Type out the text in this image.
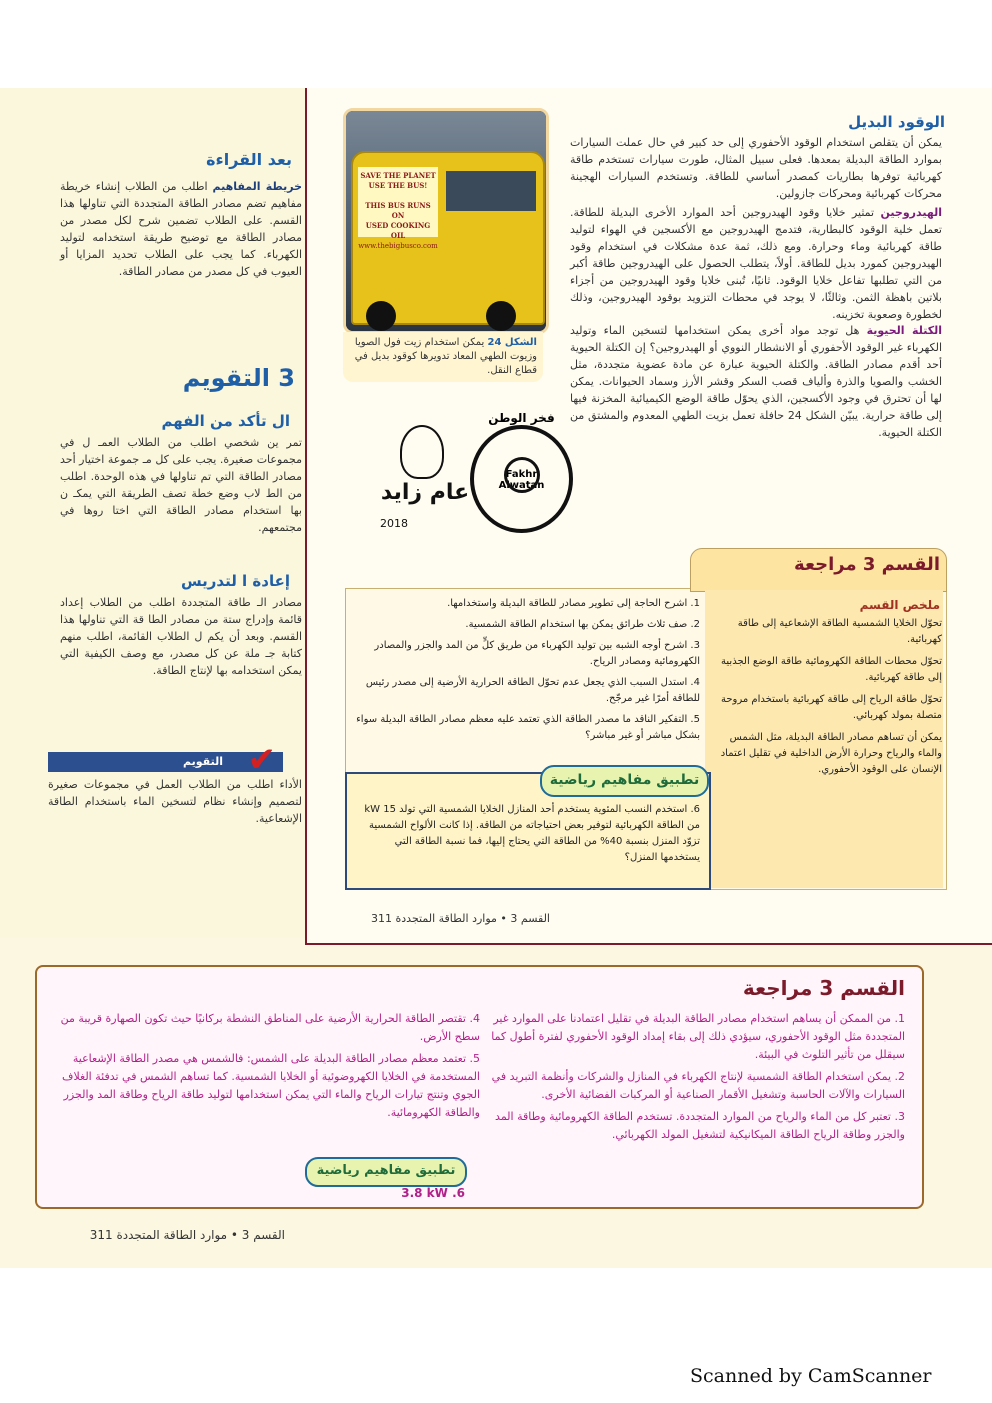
بعد القراءة
خريطة المفاهيم اطلب من الطلاب إنشاء خريطة مفاهيم تضم مصادر الطاقة المتجددة التي تناولها هذا القسم. على الطلاب تضمين شرح لكل مصدر من مصادر الطاقة مع توضيح طريقة استخدامه لتوليد الكهرباء. كما يجب على الطلاب تحديد المزايا أو العيوب في كل مصدر من مصادر الطاقة.
3 التقويم
ال تأكد من الفهم
تمر ين شخصي اطلب من الطلاب العمـ ل في مجموعات صغيرة. يجب على كل مـ جموعة اختيار أحد مصادر الطاقة التي تم تناولها في هذه الوحدة. اطلب من الط لاب وضع خطة تصف الطريقة التي يمكـ ن بها استخدام مصادر الطاقة التي اختا روها في مجتمعهم.
إعادة ا لتدريس
مصادر الـ طاقة المتجددة اطلب من الطلاب إعداد قائمة وإدراج ستة من مصادر الطا قة التي تناولها هذا القسم. وبعد أن يكم ل الطلاب القائمة، اطلب منهم كتابة جـ ملة عن كل مصدر، مع وصف الكيفية التي يمكن استخدامه بها لإنتاج الطاقة.
التقويم ✔
الأداء اطلب من الطلاب العمل في مجموعات صغيرة لتصميم وإنشاء نظام لتسخين الماء باستخدام الطاقة الإشعاعية.
الوقود البديل
يمكن أن يتقلص استخدام الوقود الأحفوري إلى حد كبير في حال عملت السيارات بموارد الطاقة البديلة بمعدها. فعلى سبيل المثال، طورت سيارات تستخدم طاقة كهربائية توفرها بطاريات كمصدر أساسي للطاقة. وتستخدم السيارات الهجينة محركات كهربائية ومحركات جازولين.
الهيدروجين تمثير خلايا وقود الهيدروجين أحد الموارد الأخرى البديلة للطاقة. تعمل خلية الوقود كالبطارية، فتدمج الهيدروجين مع الأكسجين في الهواء لتوليد طاقة كهربائية وماء وحرارة. ومع ذلك، ثمة عدة مشكلات في استخدام وقود الهيدروجين كمورد بديل للطاقة. أولاً، يتطلب الحصول على الهيدروجين طاقة أكبر من التي تطلبها تفاعل خلايا الوقود. ثانيًا، تُبنى خلايا وقود الهيدروجين من أجزاء بلاتين باهظة الثمن. وثالثًا، لا يوجد في محطات التزويد بوقود الهيدروجين، وذلك لخطورة وصعوبة تخزينه.
الكتلة الحيوية هل توجد مواد أخرى يمكن استخدامها لتسخين الماء وتوليد الكهرباء غير الوقود الأحفوري أو الانشطار النووي أو الهيدروجين؟ إن الكتلة الحيوية أحد أقدم مصادر الطاقة. والكتلة الحيوية عبارة عن مادة عضوية متجددة، مثل الخشب والصويا والذرة وألياف قصب السكر وقشر الأرز وسماد الحيوانات. يمكن لها أن تحترق في وجود الأكسجين، الذي يحوّل طاقة الوضع الكيميائية المخزنة فيها إلى طاقة حرارية. يبيّن الشكل 24 حافلة تعمل بزيت الطهي المعدوم والمشتق من الكتلة الحيوية.
SAVE THE PLANET
USE THE BUS!
THIS BUS RUNS ON
USED COOKING OIL
www.thebigbusco.com
الشكل 24 يمكن استخدام زيت فول الصويا وزيوت الطهي المعاد تدويرها كوقود بديل في قطاع النقل.
عام زايد
2018
فخر الوطن
Fakhr Alwatan
القسم 3 مراجعة
ملخص القسم
تحوّل الخلايا الشمسية الطاقة الإشعاعية إلى طاقة كهربائية.
تحوّل محطات الطاقة الكهرومائية طاقة الوضع الجذبية إلى طاقة كهربائية.
تحوّل طاقة الرياح إلى طاقة كهربائية باستخدام مروحة متصلة بمولد كهربائي.
يمكن أن تساهم مصادر الطاقة البديلة، مثل الشمس والماء والرياح وحرارة الأرض الداخلية في تقليل اعتماد الإنسان على الوقود الأحفوري.
1. اشرح الحاجة إلى تطوير مصادر للطاقة البديلة واستخدامها.
2. صف ثلاث طرائق يمكن بها استخدام الطاقة الشمسية.
3. اشرح أوجه الشبه بين توليد الكهرباء من طريق كلٍّ من المد والجزر والمصادر الكهرومائية ومصادر الرياح.
4. استدل السبب الذي يجعل عدم تحوّل الطاقة الحرارية الأرضية إلى مصدر رئيس للطاقة أمرًا غير مرجّح.
5. التفكير الناقد ما مصدر الطاقة الذي تعتمد عليه معظم مصادر الطاقة البديلة سواء بشكل مباشر أو غير مباشر؟
تطبيق مفاهيم رياضية
6. استخدم النسب المئوية يستخدم أحد المنازل الخلايا الشمسية التي تولد 15 kW من الطاقة الكهربائية لتوفير بعض احتياجاته من الطاقة. إذا كانت الألواح الشمسية تزوّد المنزل بنسبة 40% من الطاقة التي يحتاج إليها، فما نسبة الطاقة التي يستخدمها المنزل؟
القسم 3 • موارد الطاقة المتجددة 311
القسم 3 مراجعة
1. من الممكن أن يساهم استخدام مصادر الطاقة البديلة في تقليل اعتمادنا على الموارد غير المتجددة مثل الوقود الأحفوري، سيؤدي ذلك إلى بقاء إمداد الوقود الأحفوري لفترة أطول كما سيقلل من تأثير التلوث في البيئة.
2. يمكن استخدام الطاقة الشمسية لإنتاج الكهرباء في المنازل والشركات وأنظمة التبريد في السيارات والآلات الحاسبة وتشغيل الأقمار الصناعية أو المركبات الفضائية الأخرى.
3. تعتبر كل من الماء والرياح من الموارد المتجددة. تستخدم الطاقة الكهرومائية وطاقة المد والجزر وطاقة الرياح الطاقة الميكانيكية لتشغيل المولد الكهربائي.
4. تقتصر الطاقة الحرارية الأرضية على المناطق النشطة بركانيًا حيث تكون الصهارة قريبة من سطح الأرض.
5. تعتمد معظم مصادر الطاقة البديلة على الشمس: فالشمس هي مصدر الطاقة الإشعاعية المستخدمة في الخلايا الكهروضوئية أو الخلايا الشمسية. كما تساهم الشمس في تدفئة الغلاف الجوي وتنتج تيارات الرياح والماء التي يمكن استخدامها لتوليد طاقة الرياح وطاقة المد والجزر والطاقة الكهرومائية.
تطبيق مفاهيم رياضية
3.8 kW .6
القسم 3 • موارد الطاقة المتجددة 311
Scanned by CamScanner
